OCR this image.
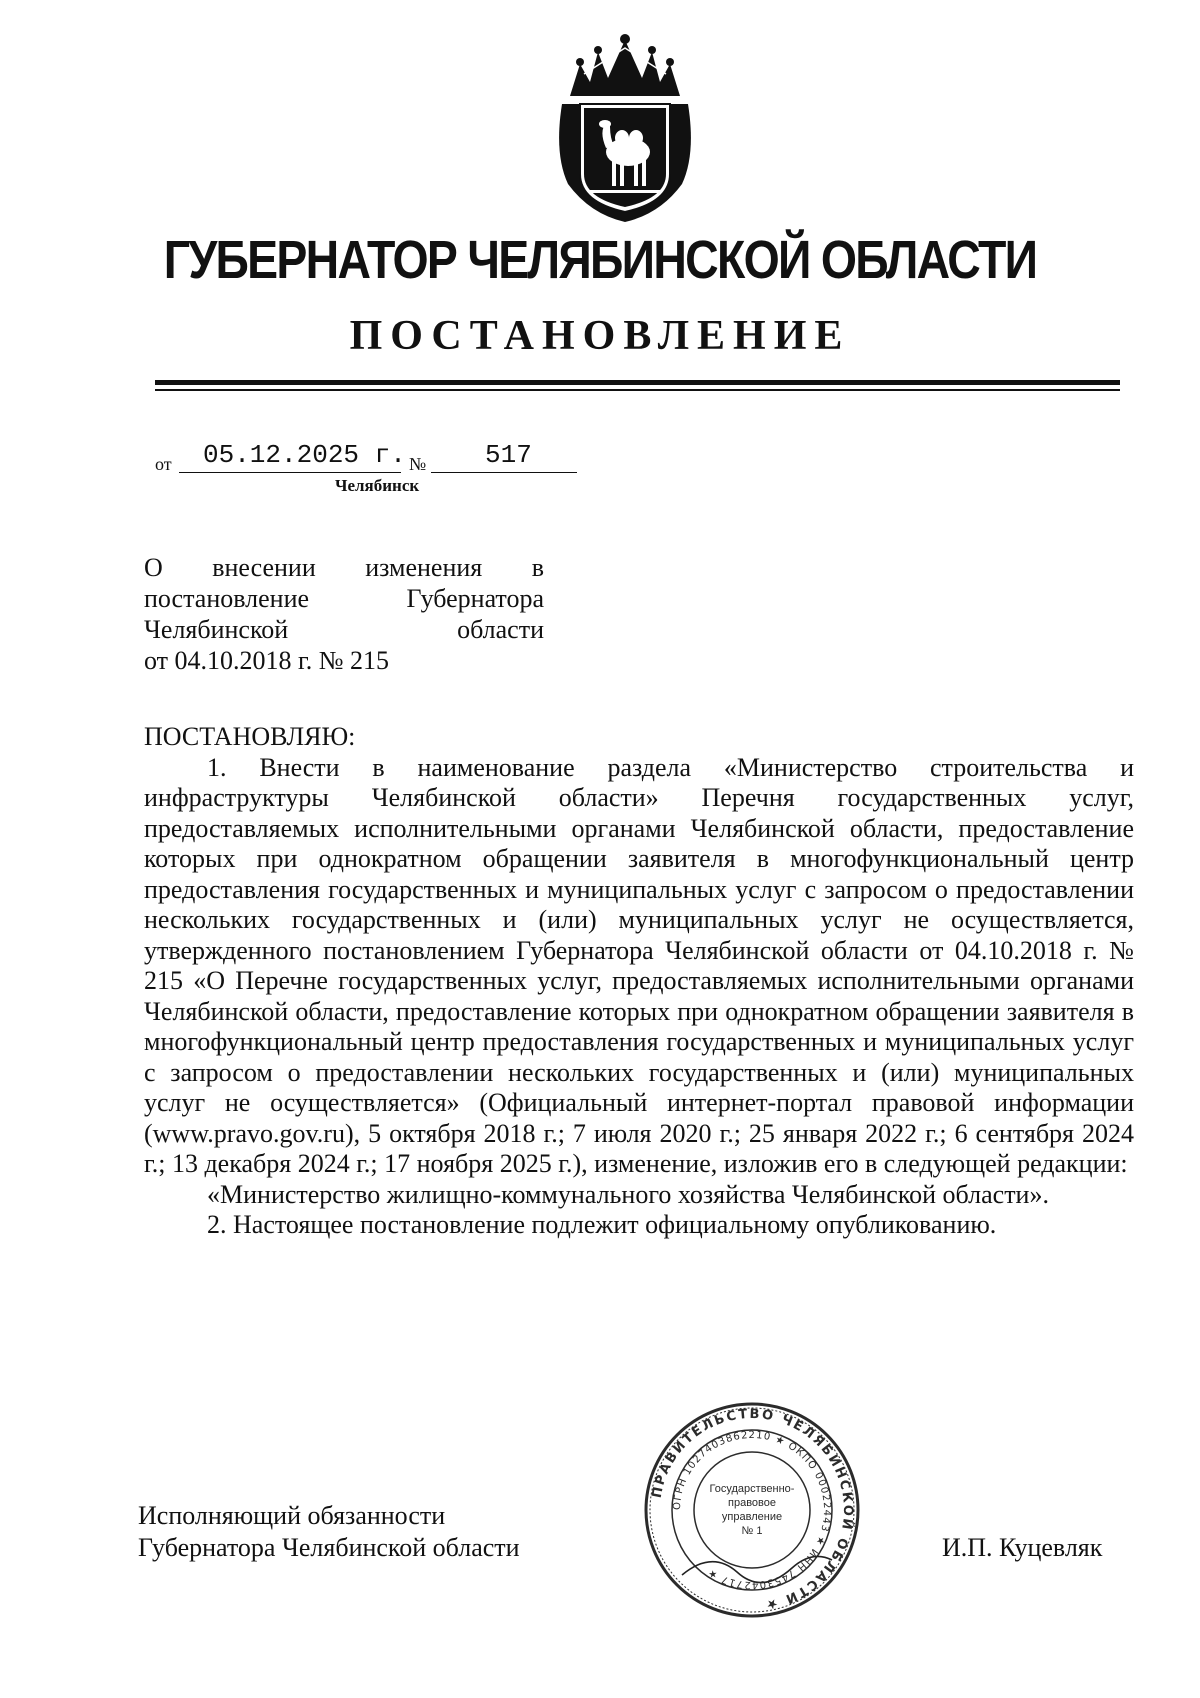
ГУБЕРНАТОР ЧЕЛЯБИНСКОЙ ОБЛАСТИ
ПОСТАНОВЛЕНИЕ
от 05.12.2025 г. № 517
Челябинск
О внесении изменения в
постановление	Губернатора
Челябинской	области
от 04.10.2018 г. № 215

ПОСТАНОВЛЯЮ:

1. Внести в наименование раздела «Министерство строительства и инфраструктуры Челябинской области» Перечня государственных услуг, предоставляемых исполнительными органами Челябинской области, предоставление которых при однократном обращении заявителя в многофункциональный центр предоставления государственных и муниципальных услуг с запросом о предоставлении нескольких государственных и (или) муниципальных услуг не осуществляется, утвержденного постановлением Губернатора Челябинской области от 04.10.2018 г. № 215 «О Перечне государственных услуг, предоставляемых исполнительными органами Челябинской области, предоставление которых при однократном обращении заявителя в многофункциональный центр предоставления государственных и муниципальных услуг с запросом о предоставлении нескольких государственных и (или) муниципальных услуг не осуществляется» (Официальный интернет-портал правовой информации (www.pravo.gov.ru), 5 октября 2018 г.; 7 июля 2020 г.; 25 января 2022 г.; 6 сентября 2024 г.; 13 декабря 2024 г.; 17 ноября 2025 г.), изменение, изложив его в следующей редакции:

«Министерство жилищно-коммунального хозяйства Челябинской области».

2. Настоящее постановление подлежит официальному опубликованию.

Исполняющий обязанности
Губернатора Челябинской области	И.П. Куцевляк
ПРАВИТЕЛЬСТВО ЧЕЛЯБИНСКОЙ ОБЛАСТИ ★
ОГРН 1027403862210 ★ ОКПО 00022443 ★ ИНН 7453042717 ★
Государственно-
правовое
управление
№ 1
